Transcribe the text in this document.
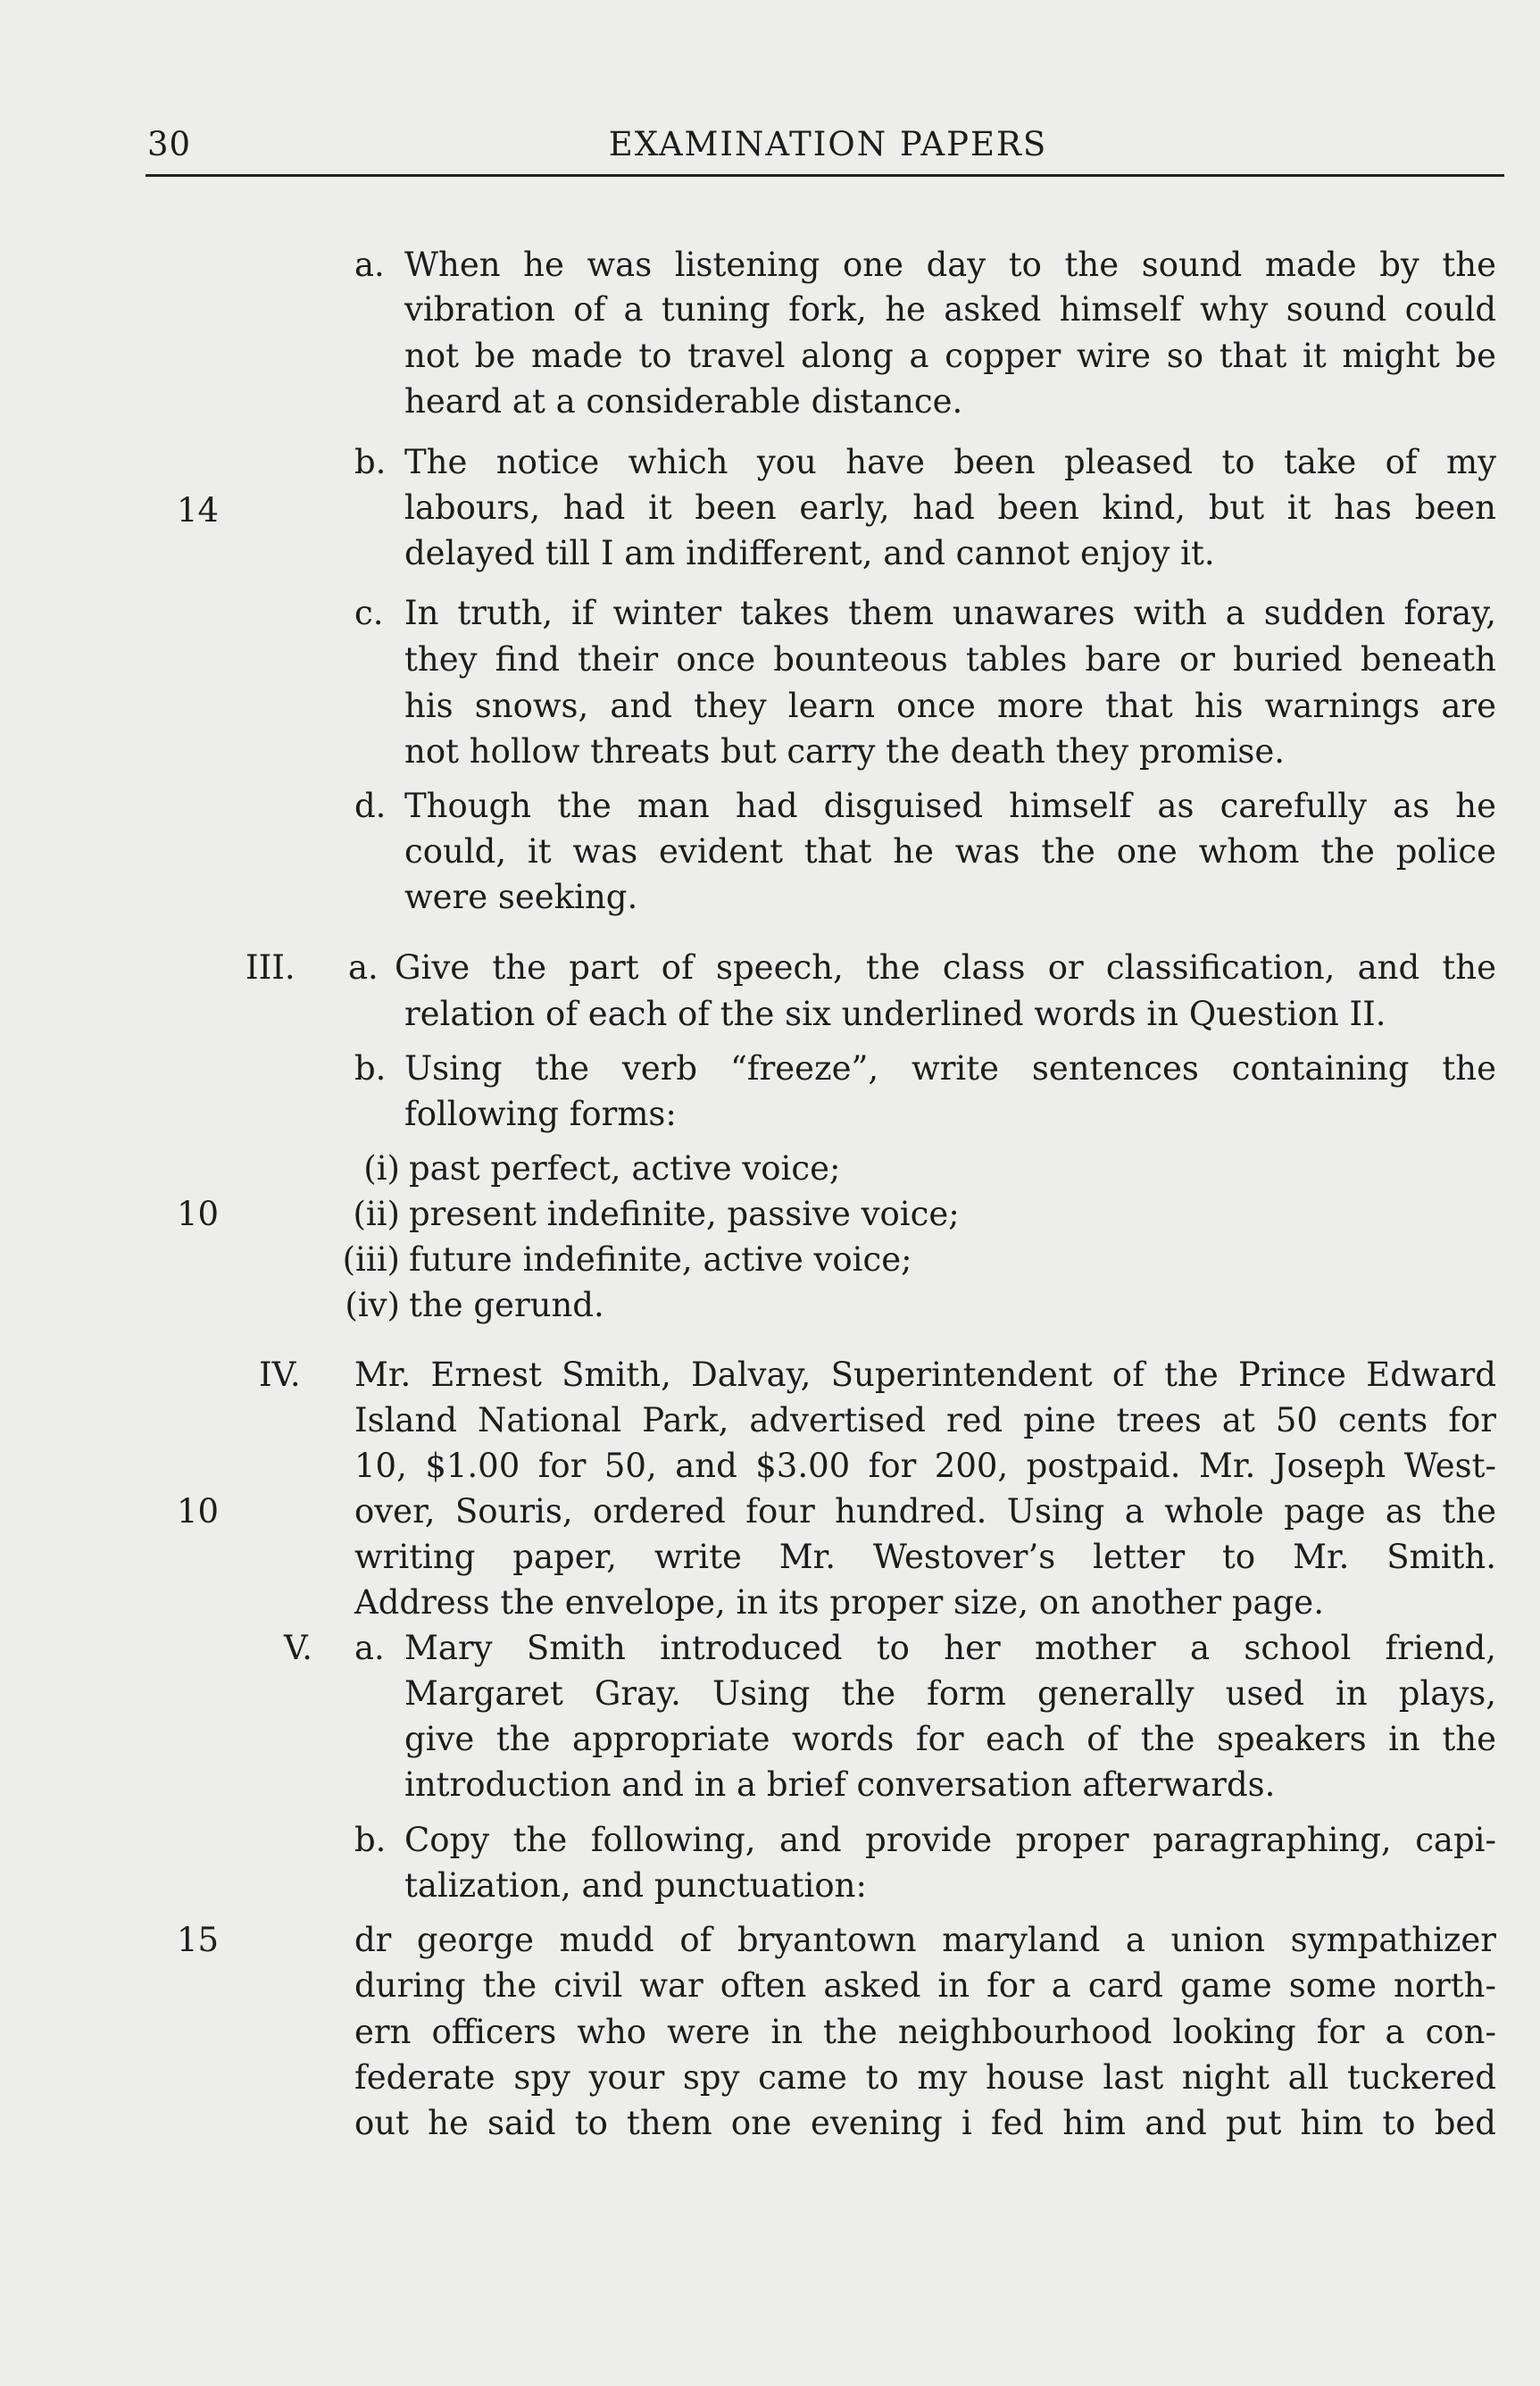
30	EXAMINATION PAPERS
14
10
10
15
a. When he was listening one day to the sound made by the
vibration of a tuning fork, he asked himself why sound could
not be made to travel along a copper wire so that it might be
heard at a considerable distance.
b. The notice which you have been pleased to take of my
labours, had it been early, had been kind, but it has been
delayed till I am indifferent, and cannot enjoy it.
c. In truth, if winter takes them unawares with a sudden foray,
they find their once bounteous tables bare or buried beneath
his snows, and they learn once more that his warnings are
not hollow threats but carry the death they promise.
d. Though the man had disguised himself as carefully as he
could, it was evident that he was the one whom the police
were seeking.
III. a. Give the part of speech, the class or classification, and the
relation of each of the six underlined words in Question II.
b. Using the verb “freeze”, write sentences containing the
following forms:
(i) past perfect, active voice;
(ii) present indefinite, passive voice;
(iii) future indefinite, active voice;
(iv) the gerund.
IV. Mr. Ernest Smith, Dalvay, Superintendent of the Prince Edward
Island National Park, advertised red pine trees at 50 cents for
10, $1.00 for 50, and $3.00 for 200, postpaid. Mr. Joseph West-
over, Souris, ordered four hundred. Using a whole page as the
writing paper, write Mr. Westover’s letter to Mr. Smith.
Address the envelope, in its proper size, on another page.
V. a. Mary Smith introduced to her mother a school friend,
Margaret Gray. Using the form generally used in plays,
give the appropriate words for each of the speakers in the
introduction and in a brief conversation afterwards.
b. Copy the following, and provide proper paragraphing, capi-
talization, and punctuation:
dr george mudd of bryantown maryland a union sympathizer
during the civil war often asked in for a card game some north-
ern officers who were in the neighbourhood looking for a con-
federate spy your spy came to my house last night all tuckered
out he said to them one evening i fed him and put him to bed
